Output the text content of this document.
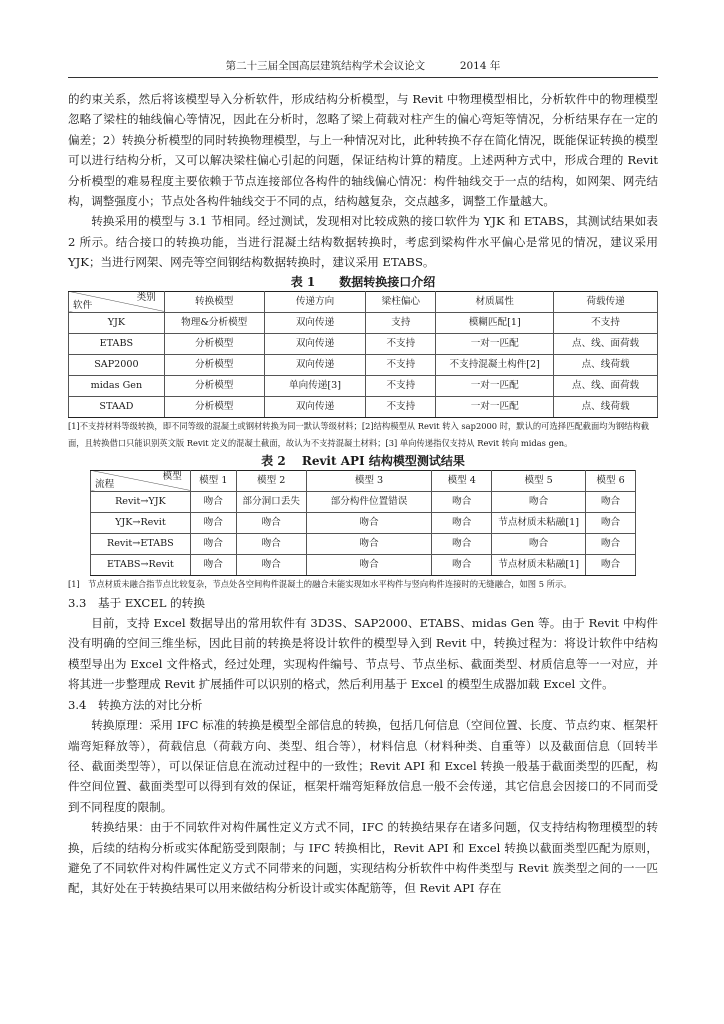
第二十三届全国高层建筑结构学术会议论文	2014 年

的约束关系，然后将该模型导入分析软件，形成结构分析模型，与 Revit 中物理模型相比，分析软件中的物理模型忽略了梁柱的轴线偏心等情况，因此在分析时，忽略了梁上荷载对柱产生的偏心弯矩等情况，分析结果存在一定的偏差；2）转换分析模型的同时转换物理模型，与上一种情况对比，此种转换不存在简化情况，既能保证转换的模型可以进行结构分析，又可以解决梁柱偏心引起的问题，保证结构计算的精度。上述两种方式中，形成合理的 Revit 分析模型的难易程度主要依赖于节点连接部位各构件的轴线偏心情况：构件轴线交于一点的结构，如网架、网壳结构，调整强度小；节点处各构件轴线交于不同的点，结构越复杂，交点越多，调整工作量越大。

转换采用的模型与 3.1 节相同。经过测试，发现相对比较成熟的接口软件为 YJK 和 ETABS，其测试结果如表 2 所示。结合接口的转换功能，当进行混凝土结构数据转换时，考虑到梁构件水平偏心是常见的情况，建议采用 YJK；当进行网架、网壳等空间钢结构数据转换时，建议采用 ETABS。

表 1　　数据转换接口介绍

类别
软件	转换模型	传递方向	梁柱偏心	材质属性	荷载传递
YJK	物理&分析模型	双向传递	支持	模糊匹配[1]	不支持
ETABS	分析模型	双向传递	不支持	一对一匹配	点、线、面荷载
SAP2000	分析模型	双向传递	不支持	不支持混凝土构件[2]	点、线荷载
midas Gen	分析模型	单向传递[3]	不支持	一对一匹配	点、线、面荷载
STAAD	分析模型	双向传递	不支持	一对一匹配	点、线荷载

[1]不支持材料等级转换，即不同等级的混凝土或钢材转换为同一默认等级材料；[2]结构模型从 Revit 转入 sap2000 时，默认的可选择匹配截面均为钢结构截面，且转换借口只能识别英文版 Revit 定义的混凝土截面，故认为不支持混凝土材料；[3] 单向传递指仅支持从 Revit 转向 midas gen。

表 2　 Revit API 结构模型测试结果

模型
流程	模型 1	模型 2	模型 3	模型 4	模型 5	模型 6
Revit→YJK	吻合	部分洞口丢失	部分构件位置错误	吻合	吻合	吻合
YJK→Revit	吻合	吻合	吻合	吻合	节点材质未粘融[1]	吻合
Revit→ETABS	吻合	吻合	吻合	吻合	吻合	吻合
ETABS→Revit	吻合	吻合	吻合	吻合	节点材质未粘融[1]	吻合

[1]　节点材质未融合指节点比较复杂，节点处各空间构件混凝土的融合未能实现如水平构件与竖向构件连接时的无缝融合，如图 5 所示。

3.3　基于 EXCEL 的转换

目前，支持 Excel 数据导出的常用软件有 3D3S、SAP2000、ETABS、midas Gen 等。由于 Revit 中构件没有明确的空间三维坐标，因此目前的转换是将设计软件的模型导入到 Revit 中，转换过程为：将设计软件中结构模型导出为 Excel 文件格式，经过处理，实现构件编号、节点号、节点坐标、截面类型、材质信息等一一对应，并将其进一步整理成 Revit 扩展插件可以识别的格式，然后利用基于 Excel 的模型生成器加载 Excel 文件。

3.4　转换方法的对比分析

转换原理：采用 IFC 标准的转换是模型全部信息的转换，包括几何信息（空间位置、长度、节点约束、框架杆端弯矩释放等），荷载信息（荷载方向、类型、组合等），材料信息（材料种类、自重等）以及截面信息（回转半径、截面类型等），可以保证信息在流动过程中的一致性；Revit API 和 Excel 转换一般基于截面类型的匹配，构件空间位置、截面类型可以得到有效的保证，框架杆端弯矩释放信息一般不会传递，其它信息会因接口的不同而受到不同程度的限制。

转换结果：由于不同软件对构件属性定义方式不同，IFC 的转换结果存在诸多问题，仅支持结构物理模型的转换，后续的结构分析或实体配筋受到限制；与 IFC 转换相比，Revit API 和 Excel 转换以截面类型匹配为原则，避免了不同软件对构件属性定义方式不同带来的问题，实现结构分析软件中构件类型与 Revit 族类型之间的一一匹配，其好处在于转换结果可以用来做结构分析设计或实体配筋等，但 Revit API 存在
